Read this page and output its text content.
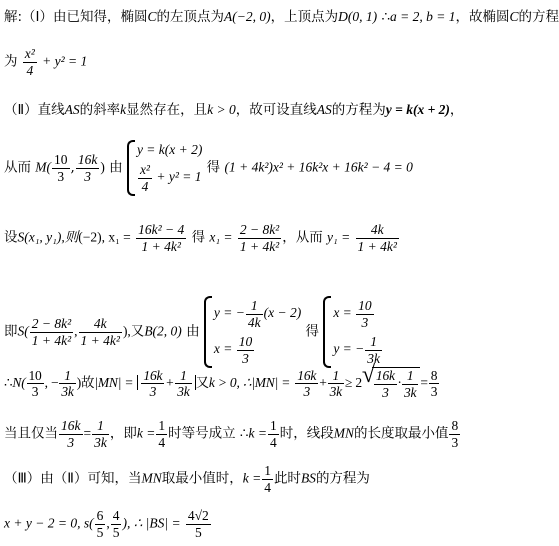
解:（I）由已知得，椭圆C的左顶点为A(−2, 0)，上顶点为D(0, 1) ∴a = 2, b = 1，故椭圆C的方程
为 $\frac{\text{x²}}{4} + y^2 = 1$
（Ⅱ）直线AS的斜率k显然存在，且k > 0，故可设直线AS的方程为y = k(x + 2)，
从而 $M( \frac{10}{3}$ , $\frac{16k}{3}$ ) 由
y = k(x + 2)
$\frac{\text{x²}}{4} + y^2 = 1$
得 (1 + 4k²)x² + 16k²x + 16k² − 4 = 0
设S(x₁, y₁),则(−2), $x_1 = \frac{\text{16k² − 4}}{\text{1 + 4k²}}$ 得 $x_1 = \frac{\text{2 − 8k²}}{\text{1 + 4k²}}$ ，从而 $y_1 = \frac{4k}{\text{1 + 4k²}}$
即$S( \frac{\text{2 − 8k²}}{\text{1 + 4k²}}$ , $\frac{4k}{\text{1 + 4k²}}$ ),又B(2, 0) 由
y = − $\frac{1}{4k} (x - 2)$
$x = \frac{10}{3}$
得
$x = \frac{10}{3}$
y = − $\frac{1}{3k}$
∴N( $\frac{10}{3}$ , − $\frac{1}{3k}$ )故$|MN| = \frac{16k}{3} + \frac{1}{3k}$ 又k > 0, ∴|MN| = $\frac{16k}{3} + \frac{1}{3k} \ge 2$ √ $\frac{16k}{3} \cdot \frac{1}{3k} = \frac{8}{3}$
当且仅当 $\frac{16k}{3} = \frac{1}{3k}$ ，即$k = \frac{1}{4}$ 时等号成立 ∴k = $\frac{1}{4}$ 时，线段MN的长度取最小值 $\frac{8}{3}$
（Ⅲ）由（Ⅱ）可知，当MN取最小值时，$k = \frac{1}{4}$ 此时BS的方程为
x + y − 2 = 0, $s( \frac{6}{5}$ , $\frac{4}{5}$ ), ∴ $|BS| = \frac{4√2}{5}$
